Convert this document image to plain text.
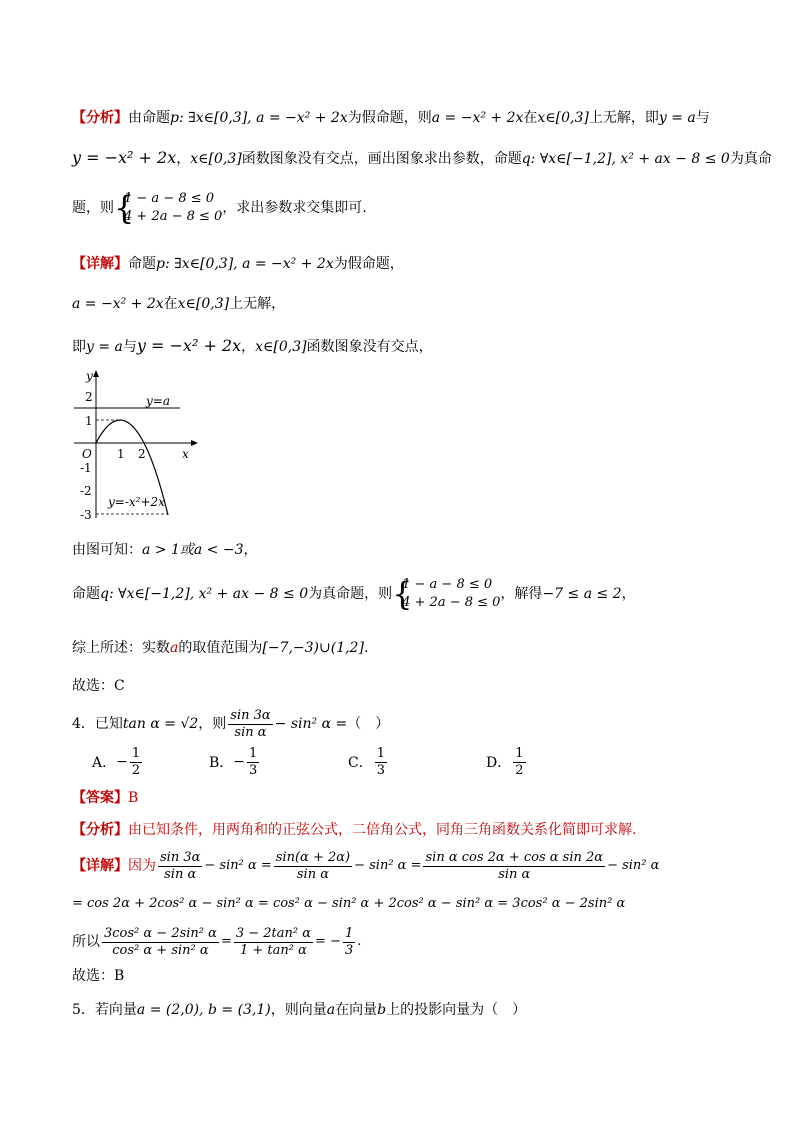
【分析】由命题p: ∃x∈[0,3], a = −x² + 2x为假命题，则a = −x² + 2x在x∈[0,3]上无解，即y = a与
y = −x² + 2x，x∈[0,3]函数图象没有交点，画出图象求出参数，命题q: ∀x∈[−1,2], x² + ax − 8 ≤ 0为真命
题，则
{ 1 − a − 8 ≤ 0
4 + 2a − 8 ≤ 0
，求出参数求交集即可.
【详解】命题p: ∃x∈[0,3], a = −x² + 2x为假命题，
a = −x² + 2x在x∈[0,3]上无解，
即y = a与y = −x² + 2x，x∈[0,3]函数图象没有交点，
y
x
O
y=a
y=-x²+2x
2
1
-1
-2
-3
1 2
由图可知：a > 1或a < −3，
命题q: ∀x∈[−1,2], x² + ax − 8 ≤ 0为真命题，则
{ 1 − a − 8 ≤ 0
4 + 2a − 8 ≤ 0
，解得−7 ≤ a ≤ 2，
综上所述：实数a的取值范围为[−7,−3)∪(1,2].
故选：C
4．已知 tan α = √2 ，则 $\frac{\sin 3\alpha}{\text{sin α}} - \sin^2$ α = （　）
A． − $\frac{1}{2}$	B． − $\frac{1}{3}$	C． $\frac{1}{3}$	D． $\frac{1}{2}$
【答案】B
【分析】由已知条件，用两角和的正弦公式，二倍角公式，同角三角函数关系化简即可求解.
【详解】 因为 $\frac{\sin 3\alpha}{\text{sin α}} - \sin^2$ $\alpha = \frac{\sin(\alpha + 2\alpha)}{\text{sin α}} - \sin^2$ $\alpha = \frac{\text{sin α cos 2α + cos α sin 2α}}{\text{sin α}} - \sin^2$ α
= cos 2α + 2cos² α − sin² α = cos² α − sin² α + 2cos² α − sin² α = 3cos² α − 2sin² α
所以 $\frac{\text{3cos² α − 2sin² α}}{\text{cos² α + sin² α}} = \frac{\text{3 − 2tan² α}}{\text{1 + tan² α}}$ = − $\frac{1}{3}$ .
故选：B
5．若向量a = (2,0), b = (3,1)，则向量a在向量b上的投影向量为（　）
